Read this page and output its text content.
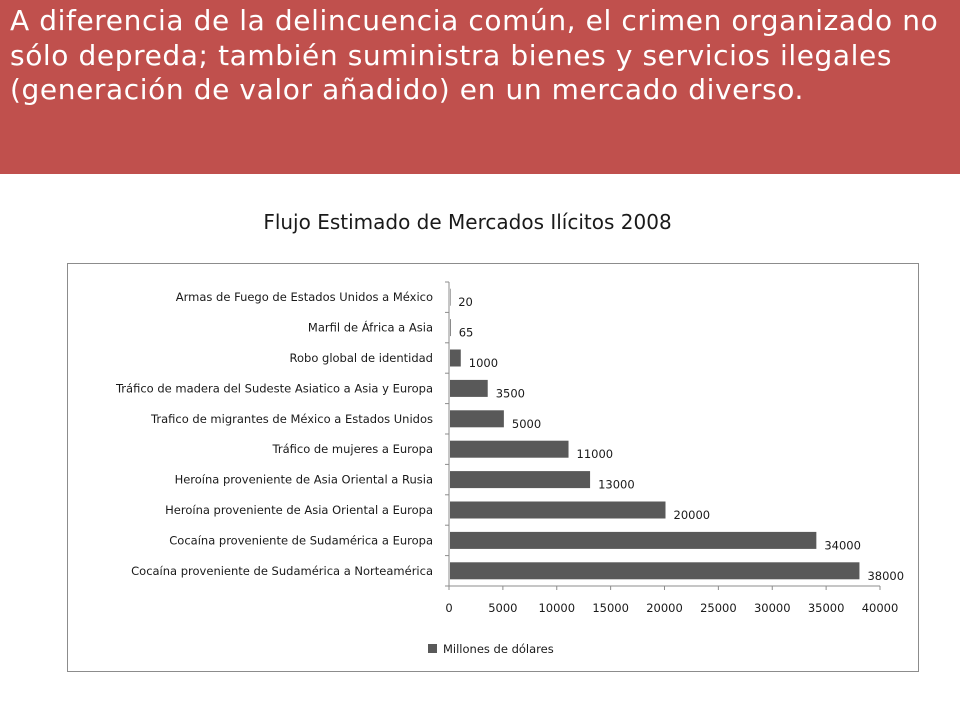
A diferencia de la delincuencia común, el crimen organizado no sólo depreda; también suministra bienes y servicios ilegales (generación de valor añadido) en un mercado diverso.

Flujo Estimado de Mercados Ilícitos 2008
Armas de Fuego de Estados Unidos a México 20
Marfil de África a Asia 65
Robo global de identidad	1000
Tráfico de madera del Sudeste Asiatico a Asia y Europa	3500
Trafico de migrantes de México a Estados Unidos	5000
Tráfico de mujeres a Europa	11000
Heroína proveniente de Asia Oriental a Rusia	13000
Heroína proveniente de Asia Oriental a Europa	20000
Cocaína proveniente de Sudamérica a Europa	34000
Cocaína proveniente de Sudamérica a Norteamérica	38000
0	5000 10000 15000 20000 25000 30000 35000 40000
Millones de dólares
